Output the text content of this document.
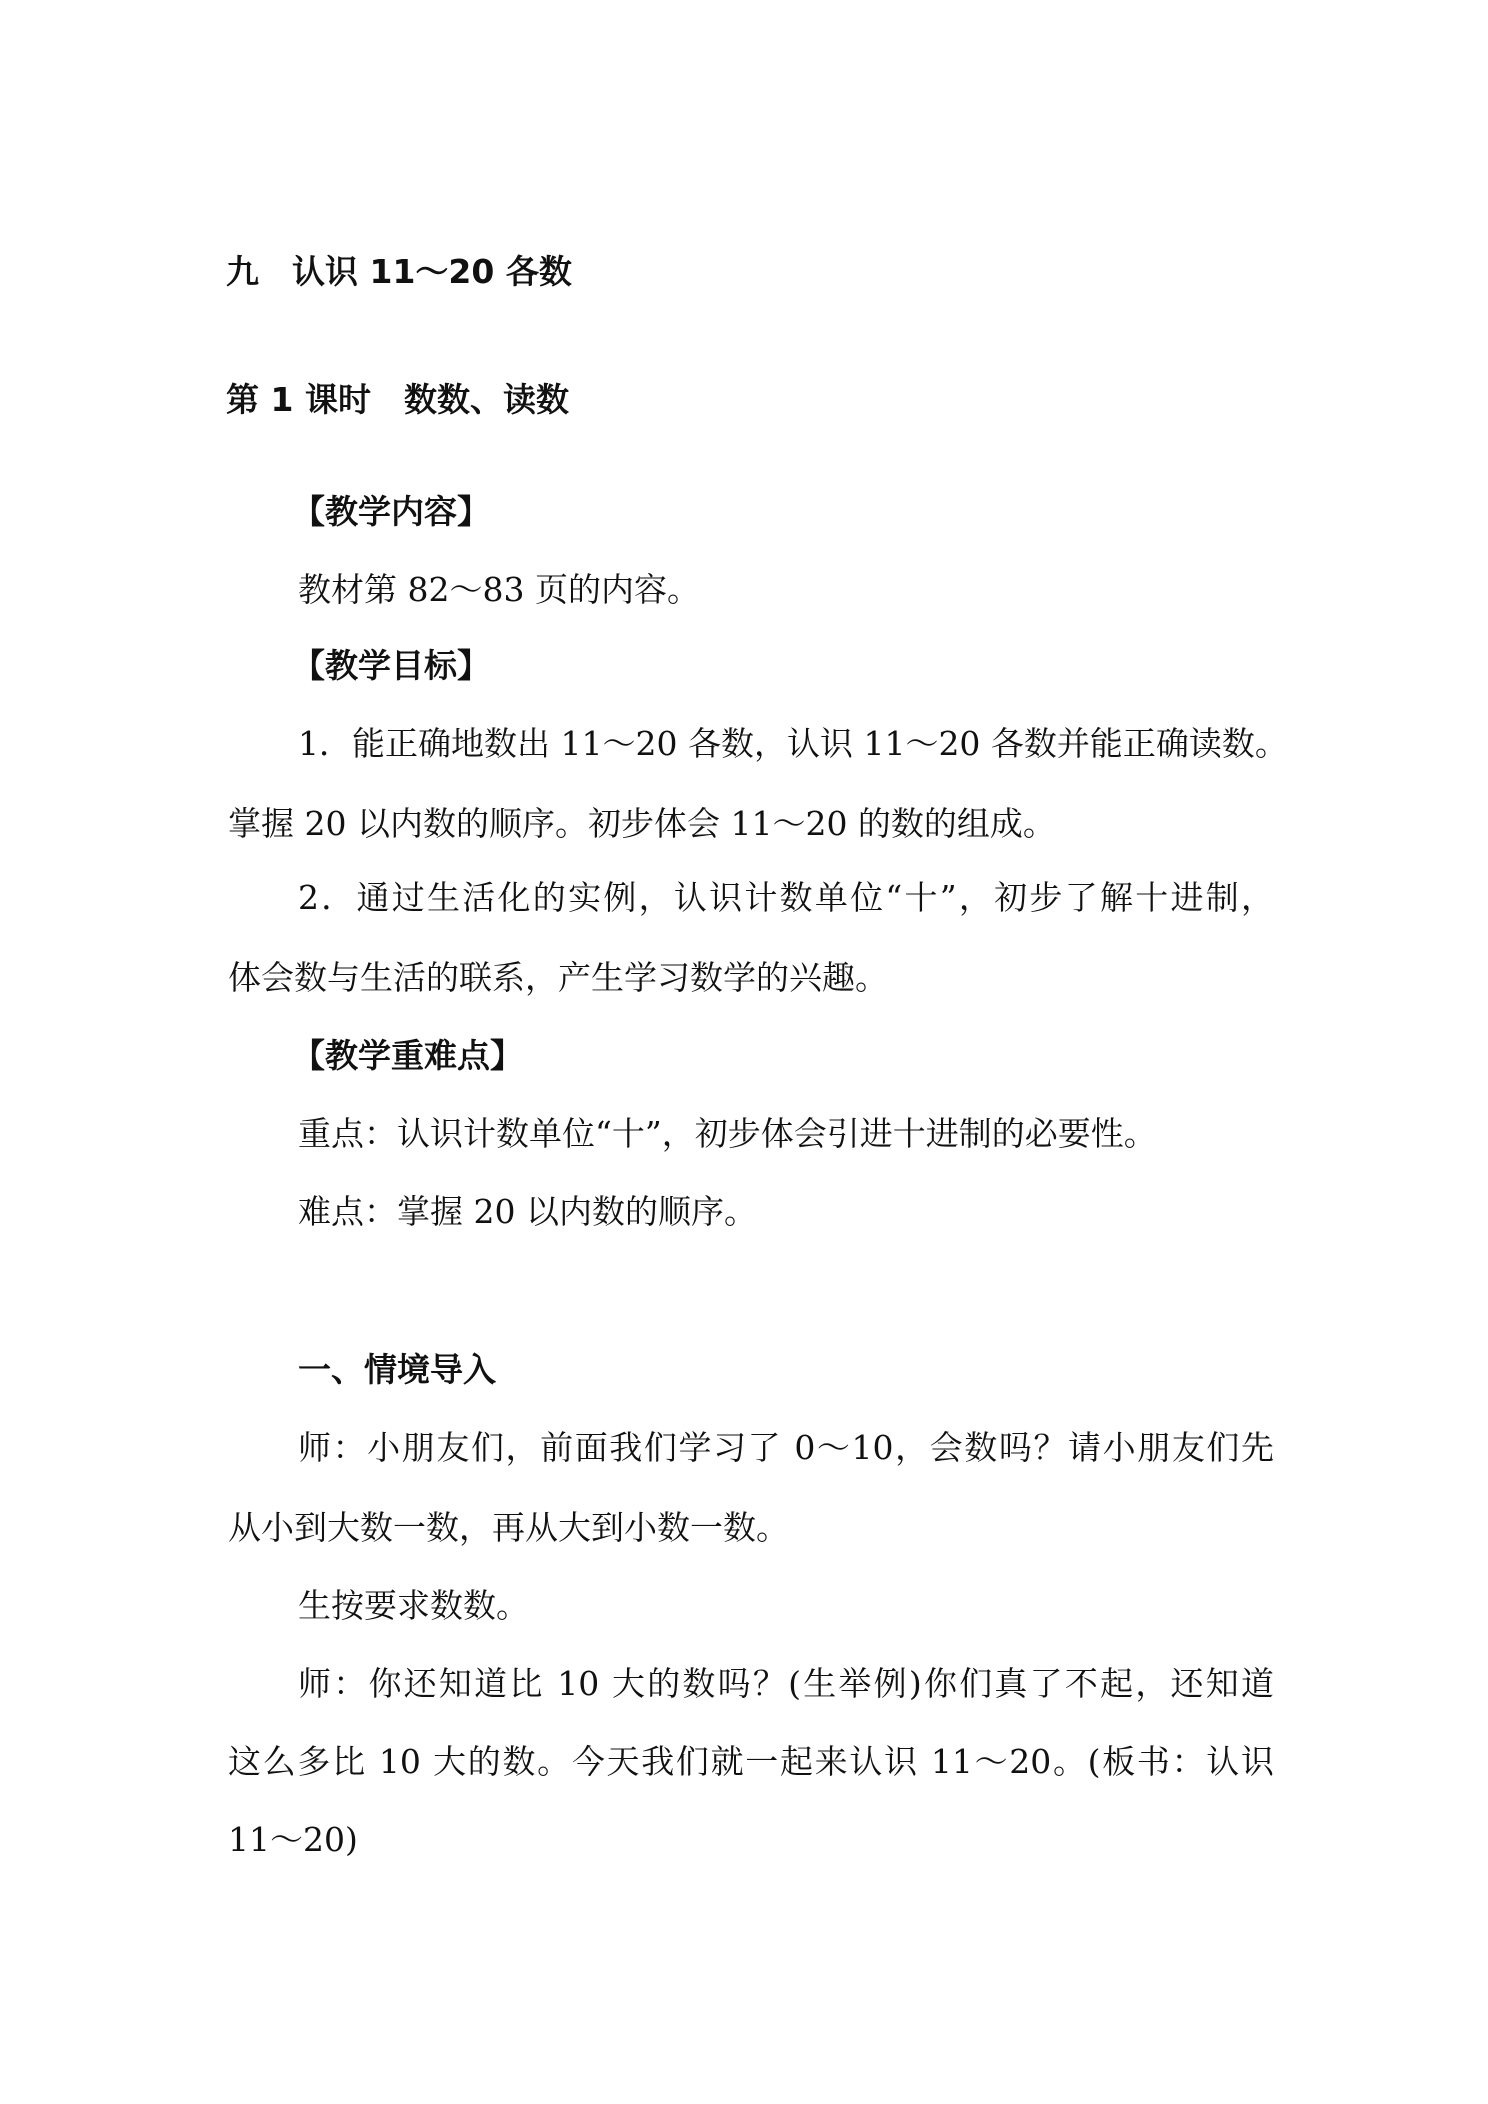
九　认识 11～20 各数
第 1 课时　数数、读数
【教学内容】
教材第 82～83 页的内容。
【教学目标】
1．能正确地数出 11～20 各数，认识 11～20 各数并能正确读数。
掌握 20 以内数的顺序。初步体会 11～20 的数的组成。
2．通过生活化的实例，认识计数单位“十”，初步了解十进制，
体会数与生活的联系，产生学习数学的兴趣。
【教学重难点】
重点：认识计数单位“十”，初步体会引进十进制的必要性。
难点：掌握 20 以内数的顺序。
一、情境导入
师：小朋友们，前面我们学习了 0～10，会数吗？请小朋友们先
从小到大数一数，再从大到小数一数。
生按要求数数。
师：你还知道比 10 大的数吗？(生举例)你们真了不起，还知道
这么多比 10 大的数。今天我们就一起来认识 11～20。(板书：认识
11～20)
